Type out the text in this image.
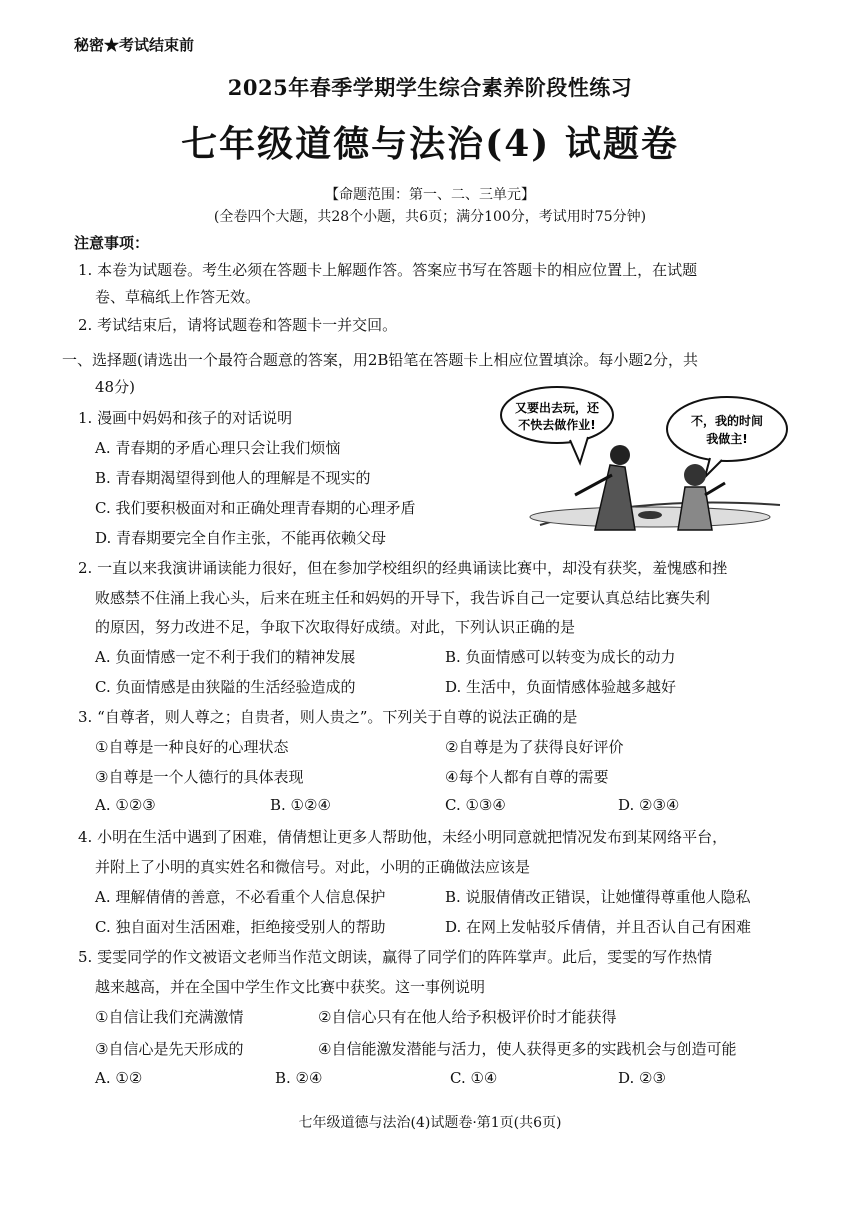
秘密★考试结束前
2025年春季学期学生综合素养阶段性练习
七年级道德与法治(4) 试题卷
【命题范围：第一、二、三单元】
(全卷四个大题，共28个小题，共6页；满分100分，考试用时75分钟)
注意事项：
1. 本卷为试题卷。考生必须在答题卡上解题作答。答案应书写在答题卡的相应位置上，在试题
卷、草稿纸上作答无效。
2. 考试结束后，请将试题卷和答题卡一并交回。
一、选择题(请选出一个最符合题意的答案，用2B铅笔在答题卡上相应位置填涂。每小题2分，共
48分)
1. 漫画中妈妈和孩子的对话说明
A. 青春期的矛盾心理只会让我们烦恼
B. 青春期渴望得到他人的理解是不现实的
C. 我们要积极面对和正确处理青春期的心理矛盾
D. 青春期要完全自作主张，不能再依赖父母
又要出去玩，还
不快去做作业!	不，我的时间
我做主!
2. 一直以来我演讲诵读能力很好，但在参加学校组织的经典诵读比赛中，却没有获奖，羞愧感和挫
败感禁不住涌上我心头，后来在班主任和妈妈的开导下，我告诉自己一定要认真总结比赛失利
的原因，努力改进不足，争取下次取得好成绩。对此，下列认识正确的是
A. 负面情感一定不利于我们的精神发展	B. 负面情感可以转变为成长的动力
C. 负面情感是由狭隘的生活经验造成的	D. 生活中，负面情感体验越多越好
3. “自尊者，则人尊之；自贵者，则人贵之”。下列关于自尊的说法正确的是
①自尊是一种良好的心理状态	②自尊是为了获得良好评价
③自尊是一个人德行的具体表现	④每个人都有自尊的需要
A. ①②③	B. ①②④	C. ①③④	D. ②③④
4. 小明在生活中遇到了困难，倩倩想让更多人帮助他，未经小明同意就把情况发布到某网络平台，
并附上了小明的真实姓名和微信号。对此，小明的正确做法应该是
A. 理解倩倩的善意，不必看重个人信息保护	B. 说服倩倩改正错误，让她懂得尊重他人隐私
C. 独自面对生活困难，拒绝接受别人的帮助	D. 在网上发帖驳斥倩倩，并且否认自己有困难
5. 雯雯同学的作文被语文老师当作范文朗读，赢得了同学们的阵阵掌声。此后，雯雯的写作热情
越来越高，并在全国中学生作文比赛中获奖。这一事例说明
①自信让我们充满激情	②自信心只有在他人给予积极评价时才能获得
③自信心是先天形成的	④自信能激发潜能与活力，使人获得更多的实践机会与创造可能
A. ①②	B. ②④	C. ①④	D. ②③
七年级道德与法治(4)试题卷·第1页(共6页)
